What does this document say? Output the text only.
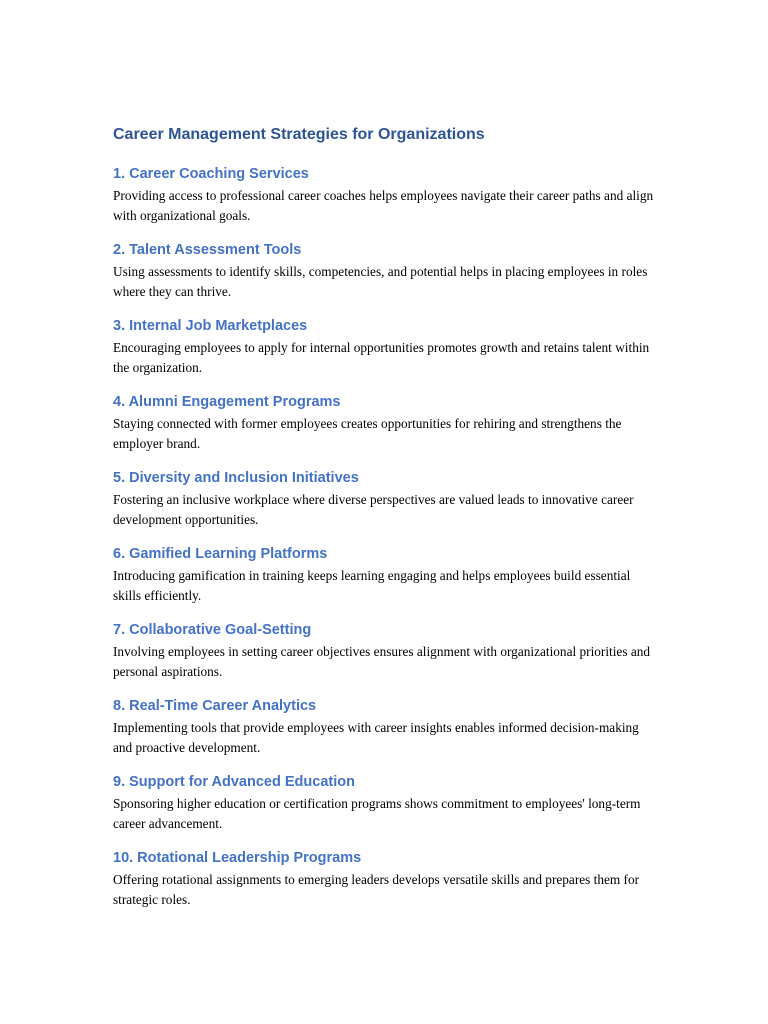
Career Management Strategies for Organizations
1. Career Coaching Services

Providing access to professional career coaches helps employees navigate their career paths and align with organizational goals.

2. Talent Assessment Tools

Using assessments to identify skills, competencies, and potential helps in placing employees in roles where they can thrive.

3. Internal Job Marketplaces

Encouraging employees to apply for internal opportunities promotes growth and retains talent within the organization.

4. Alumni Engagement Programs

Staying connected with former employees creates opportunities for rehiring and strengthens the employer brand.

5. Diversity and Inclusion Initiatives

Fostering an inclusive workplace where diverse perspectives are valued leads to innovative career development opportunities.

6. Gamified Learning Platforms

Introducing gamification in training keeps learning engaging and helps employees build essential skills efficiently.

7. Collaborative Goal-Setting

Involving employees in setting career objectives ensures alignment with organizational priorities and personal aspirations.

8. Real-Time Career Analytics

Implementing tools that provide employees with career insights enables informed decision-making and proactive development.

9. Support for Advanced Education

Sponsoring higher education or certification programs shows commitment to employees' long-term career advancement.

10. Rotational Leadership Programs

Offering rotational assignments to emerging leaders develops versatile skills and prepares them for strategic roles.
